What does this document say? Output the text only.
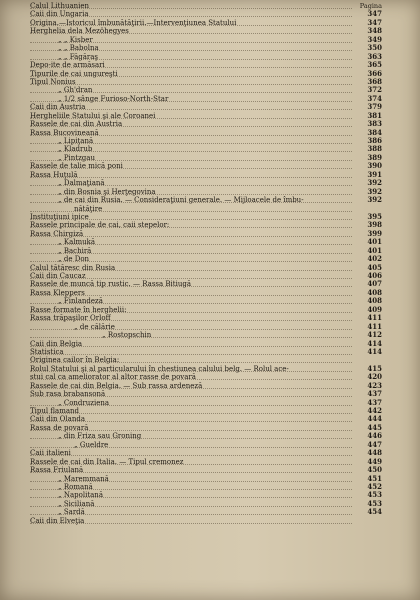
Calul Lithuanien	Pagina
Caii din Ungaria	347
Origina.—Istoricul îmbunătăţirii.—Intervenţiunea Statului	347
Herghelia dela Mezöhegyes	348
„ „ Kisber	349
„ „ Babolna	350
„ „ Făgăraş	363
Depo-ite de armăsari	365
Tipurile de cai ungureşti	366
Tipul Nonius	368
„ Gh'dran	372
„ 1/2 sânge Furioso-North-Star	374
Caii din Austria	379
Hergheliile Statului şi ale Coroanei	381
Rassele de cai din Austria	383
Rassa Bucovineană	384
„ Lipiţană	386
„ Kladrub	388
„ Pintzgau	389
Rassele de talie mică poni	390
Rassa Huţulă	391
„ Dalmaţiană	392
„ din Bosnia şi Herţegovina	392
„ de cai din Rusia. — Consideraţiuni generale. — Mijloacele de îmbu-	392
nătăţire
Instituţiuni ipice	395
Rassele principale de cai, caii stepelor:	398
Rassa Chirgiză	399
„ Kalmukă	401
„ Bachiră	401
„ de Don	402
Calul tătăresc din Rusia	405
Caii din Caucaz	406
Rassele de muncă tip rustic. — Rassa Bitiugă	407
Rassa Kleppers	408
„ Finlandeză	408
Rasse formate în herghelii:	409
Rassa trăpaşilor Orloff	411
„ de călărie	411
„ Rostopschin	412
Caii din Belgia	414
Statistica	414
Originea cailor în Belgia:
Rolul Statului şi al particularului în chestiunea calului belg. — Rolul ace-	415
stui cal ca ameliorator al altor rasse de povară	420
Rassele de cai din Belgia. — Sub rassa ardeneză	423
Sub rasa brabansonă	437
„ Condruziena	437
Tipul flamand	442
Caii din Olanda	444
Rassa de povară	445
„ din Friza sau Groning	446
„ Gueldre	447
Caii italieni	448
Rassele de cai din Italia. — Tipul cremonez	449
Rassa Friulană	450
„ Maremmană	451
„ Romană	452
„ Napolitană	453
„ Siciliană	453
„ Sardă	454
Caii din Elveţia
